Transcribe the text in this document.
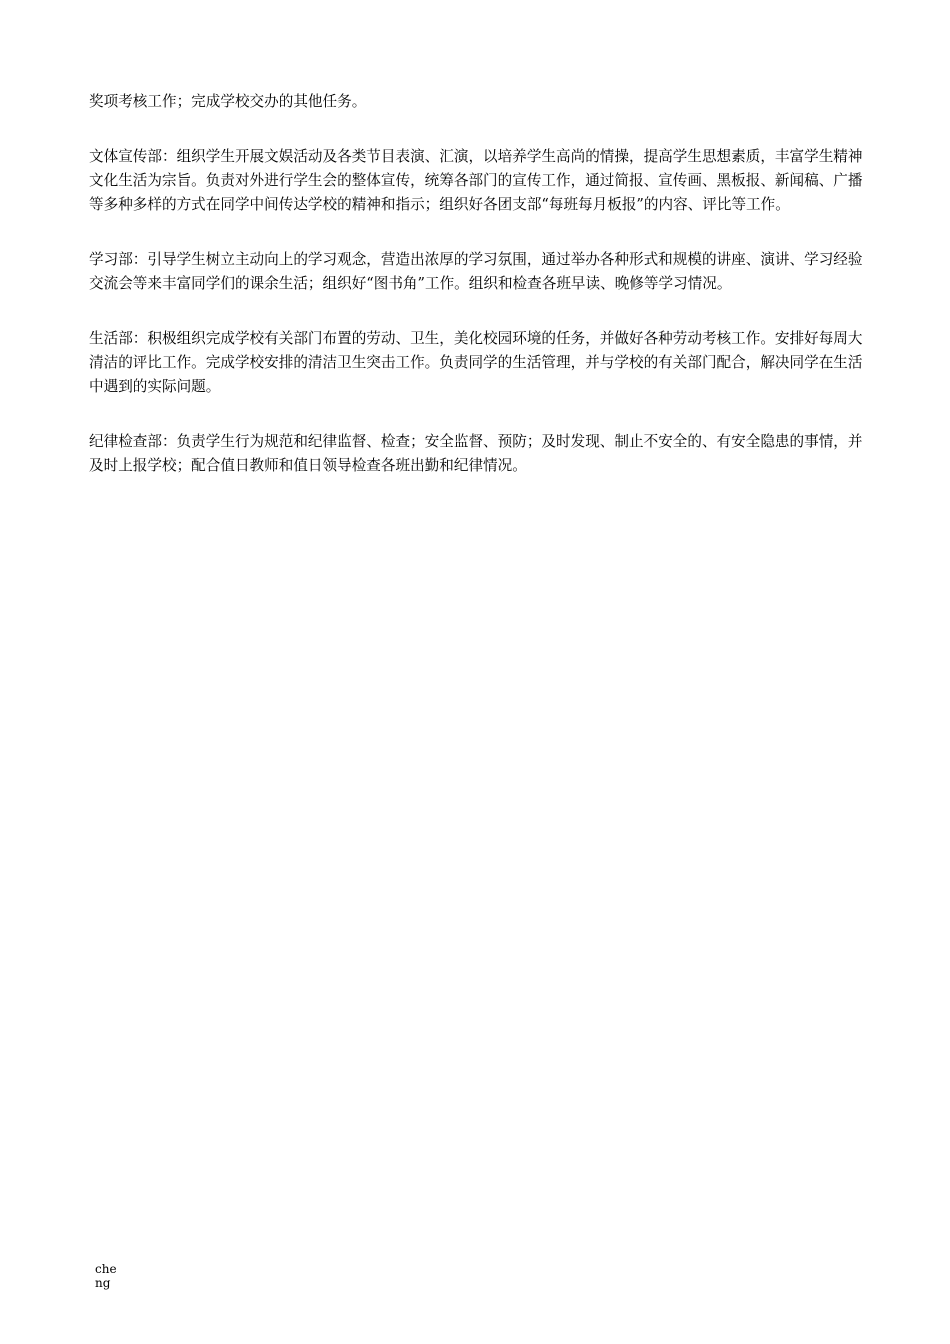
奖项考核工作；完成学校交办的其他任务。

文体宣传部：组织学生开展文娱活动及各类节目表演、汇演，以培养学生高尚的情操，提高学生思想素质，丰富学生精神文化生活为宗旨。负责对外进行学生会的整体宣传，统筹各部门的宣传工作，通过简报、宣传画、黑板报、新闻稿、广播等多种多样的方式在同学中间传达学校的精神和指示；组织好各团支部“每班每月板报”的内容、评比等工作。

学习部：引导学生树立主动向上的学习观念，营造出浓厚的学习氛围，通过举办各种形式和规模的讲座、演讲、学习经验交流会等来丰富同学们的课余生活；组织好“图书角”工作。组织和检查各班早读、晚修等学习情况。

生活部：积极组织完成学校有关部门布置的劳动、卫生，美化校园环境的任务，并做好各种劳动考核工作。安排好每周大清洁的评比工作。完成学校安排的清洁卫生突击工作。负责同学的生活管理，并与学校的有关部门配合，解决同学在生活中遇到的实际问题。

纪律检查部：负责学生行为规范和纪律监督、检查；安全监督、预防；及时发现、制止不安全的、有安全隐患的事情，并及时上报学校；配合值日教师和值日领导检查各班出勤和纪律情况。

cheng
